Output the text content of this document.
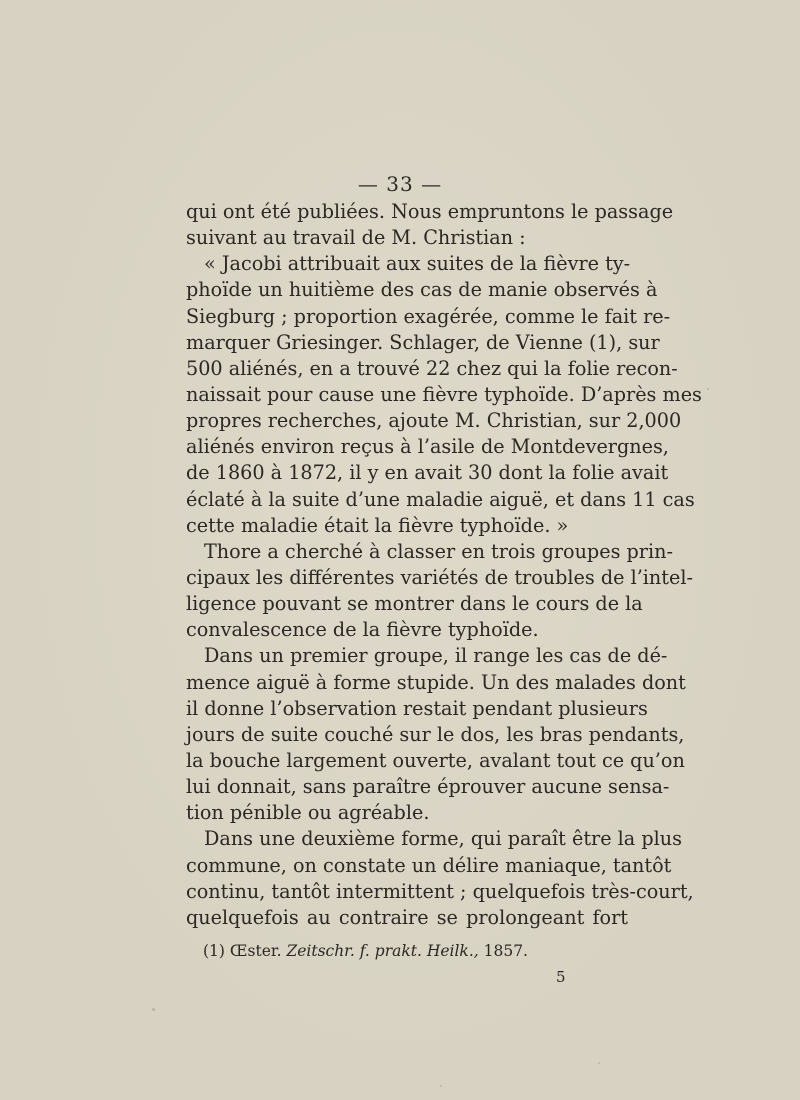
— 33 —
qui ont été publiées. Nous empruntons le passage
suivant au travail de M. Christian :
« Jacobi attribuait aux suites de la fièvre ty-
phoïde un huitième des cas de manie observés à
Siegburg ; proportion exagérée, comme le fait re-
marquer Griesinger. Schlager, de Vienne (1), sur
500 aliénés, en a trouvé 22 chez qui la folie recon-
naissait pour cause une fièvre typhoïde. D’après mes
propres recherches, ajoute M. Christian, sur 2,000
aliénés environ reçus à l’asile de Montdevergnes,
de 1860 à 1872, il y en avait 30 dont la folie avait
éclaté à la suite d’une maladie aiguë, et dans 11 cas
cette maladie était la fièvre typhoïde. »
Thore a cherché à classer en trois groupes prin-
cipaux les différentes variétés de troubles de l’intel-
ligence pouvant se montrer dans le cours de la
convalescence de la fièvre typhoïde.
Dans un premier groupe, il range les cas de dé-
mence aiguë à forme stupide. Un des malades dont
il donne l’observation restait pendant plusieurs
jours de suite couché sur le dos, les bras pendants,
la bouche largement ouverte, avalant tout ce qu’on
lui donnait, sans paraître éprouver aucune sensa-
tion pénible ou agréable.
Dans une deuxième forme, qui paraît être la plus
commune, on constate un délire maniaque, tantôt
continu, tantôt intermittent ; quelquefois très-court,
quelquefois au contraire se prolongeant fort
(1) Œster. Zeitschr. f. prakt. Heilk., 1857.
5
